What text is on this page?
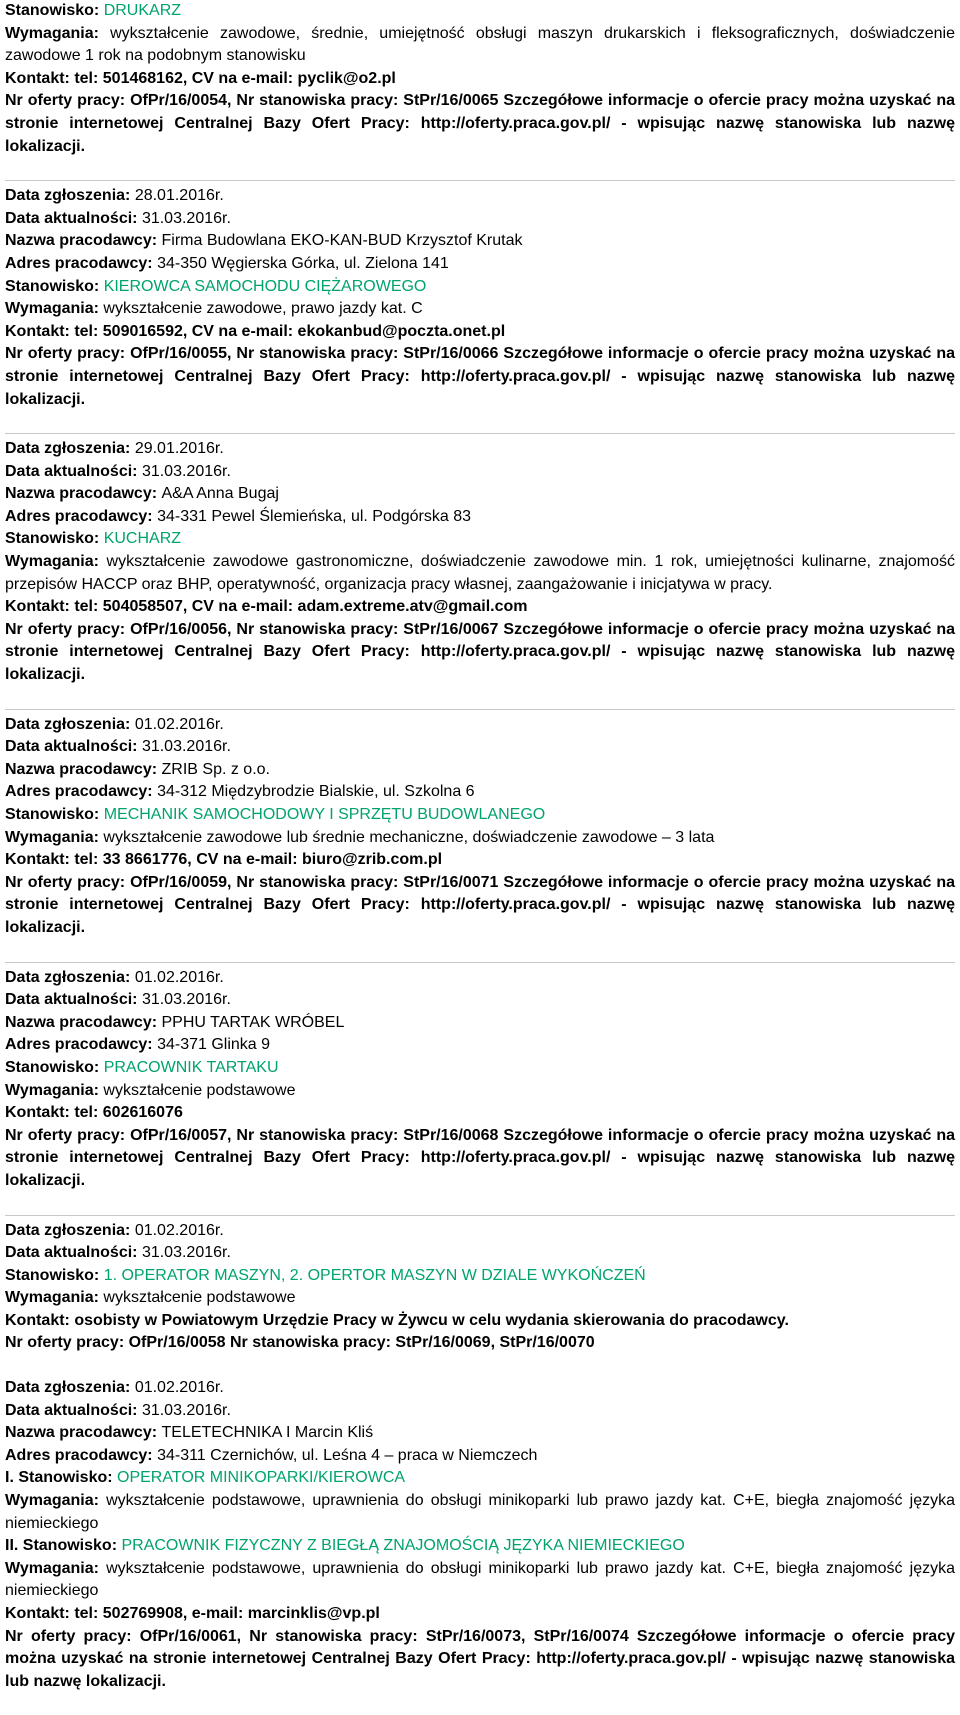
Stanowisko: DRUKARZ
Wymagania: wykształcenie zawodowe, średnie, umiejętność obsługi maszyn drukarskich i fleksograficznych, doświadczenie zawodowe 1 rok na podobnym stanowisku
Kontakt: tel: 501468162, CV na e-mail: pyclik@o2.pl
Nr oferty pracy: OfPr/16/0054, Nr stanowiska pracy: StPr/16/0065 Szczegółowe informacje o ofercie pracy można uzyskać na stronie internetowej Centralnej Bazy Ofert Pracy: http://oferty.praca.gov.pl/ - wpisując nazwę stanowiska lub nazwę lokalizacji.
Data zgłoszenia: 28.01.2016r.
Data aktualności: 31.03.2016r.
Nazwa pracodawcy: Firma Budowlana EKO-KAN-BUD Krzysztof Krutak
Adres pracodawcy: 34-350 Węgierska Górka, ul. Zielona 141
Stanowisko: KIEROWCA SAMOCHODU CIĘŻAROWEGO
Wymagania: wykształcenie zawodowe, prawo jazdy kat. C
Kontakt: tel: 509016592, CV na e-mail: ekokanbud@poczta.onet.pl
Nr oferty pracy: OfPr/16/0055, Nr stanowiska pracy: StPr/16/0066 Szczegółowe informacje o ofercie pracy można uzyskać na stronie internetowej Centralnej Bazy Ofert Pracy: http://oferty.praca.gov.pl/ - wpisując nazwę stanowiska lub nazwę lokalizacji.
Data zgłoszenia: 29.01.2016r.
Data aktualności: 31.03.2016r.
Nazwa pracodawcy: A&A Anna Bugaj
Adres pracodawcy: 34-331 Pewel Ślemieńska, ul. Podgórska 83
Stanowisko: KUCHARZ
Wymagania: wykształcenie zawodowe gastronomiczne, doświadczenie zawodowe min. 1 rok, umiejętności kulinarne, znajomość przepisów HACCP oraz BHP, operatywność, organizacja pracy własnej, zaangażowanie i inicjatywa w pracy.
Kontakt: tel: 504058507, CV na e-mail: adam.extreme.atv@gmail.com
Nr oferty pracy: OfPr/16/0056, Nr stanowiska pracy: StPr/16/0067 Szczegółowe informacje o ofercie pracy można uzyskać na stronie internetowej Centralnej Bazy Ofert Pracy: http://oferty.praca.gov.pl/ - wpisując nazwę stanowiska lub nazwę lokalizacji.
Data zgłoszenia: 01.02.2016r.
Data aktualności: 31.03.2016r.
Nazwa pracodawcy: ZRIB Sp. z o.o.
Adres pracodawcy: 34-312 Międzybrodzie Bialskie, ul. Szkolna 6
Stanowisko: MECHANIK SAMOCHODOWY I SPRZĘTU BUDOWLANEGO
Wymagania: wykształcenie zawodowe lub średnie mechaniczne, doświadczenie zawodowe – 3 lata
Kontakt: tel: 33 8661776, CV na e-mail: biuro@zrib.com.pl
Nr oferty pracy: OfPr/16/0059, Nr stanowiska pracy: StPr/16/0071 Szczegółowe informacje o ofercie pracy można uzyskać na stronie internetowej Centralnej Bazy Ofert Pracy: http://oferty.praca.gov.pl/ - wpisując nazwę stanowiska lub nazwę lokalizacji.
Data zgłoszenia: 01.02.2016r.
Data aktualności: 31.03.2016r.
Nazwa pracodawcy: PPHU TARTAK WRÓBEL
Adres pracodawcy: 34-371 Glinka 9
Stanowisko: PRACOWNIK TARTAKU
Wymagania: wykształcenie podstawowe
Kontakt: tel: 602616076
Nr oferty pracy: OfPr/16/0057, Nr stanowiska pracy: StPr/16/0068 Szczegółowe informacje o ofercie pracy można uzyskać na stronie internetowej Centralnej Bazy Ofert Pracy: http://oferty.praca.gov.pl/ - wpisując nazwę stanowiska lub nazwę lokalizacji.
Data zgłoszenia: 01.02.2016r.
Data aktualności: 31.03.2016r.
Stanowisko: 1. OPERATOR MASZYN, 2. OPERTOR MASZYN W DZIALE WYKOŃCZEŃ
Wymagania: wykształcenie podstawowe
Kontakt: osobisty w Powiatowym Urzędzie Pracy w Żywcu w celu wydania skierowania do pracodawcy.
Nr oferty pracy: OfPr/16/0058 Nr stanowiska pracy: StPr/16/0069, StPr/16/0070
Data zgłoszenia: 01.02.2016r.
Data aktualności: 31.03.2016r.
Nazwa pracodawcy: TELETECHNIKA I Marcin Kliś
Adres pracodawcy: 34-311 Czernichów, ul. Leśna 4 – praca w Niemczech
I. Stanowisko: OPERATOR MINIKOPARKI/KIEROWCA
Wymagania: wykształcenie podstawowe, uprawnienia do obsługi minikoparki lub prawo jazdy kat. C+E, biegła znajomość języka niemieckiego
II. Stanowisko: PRACOWNIK FIZYCZNY Z BIEGŁĄ ZNAJOMOŚCIĄ JĘZYKA NIEMIECKIEGO
Wymagania: wykształcenie podstawowe, uprawnienia do obsługi minikoparki lub prawo jazdy kat. C+E, biegła znajomość języka niemieckiego
Kontakt: tel: 502769908, e-mail: marcinklis@vp.pl
Nr oferty pracy: OfPr/16/0061, Nr stanowiska pracy: StPr/16/0073, StPr/16/0074 Szczegółowe informacje o ofercie pracy można uzyskać na stronie internetowej Centralnej Bazy Ofert Pracy: http://oferty.praca.gov.pl/ - wpisując nazwę stanowiska lub nazwę lokalizacji.
